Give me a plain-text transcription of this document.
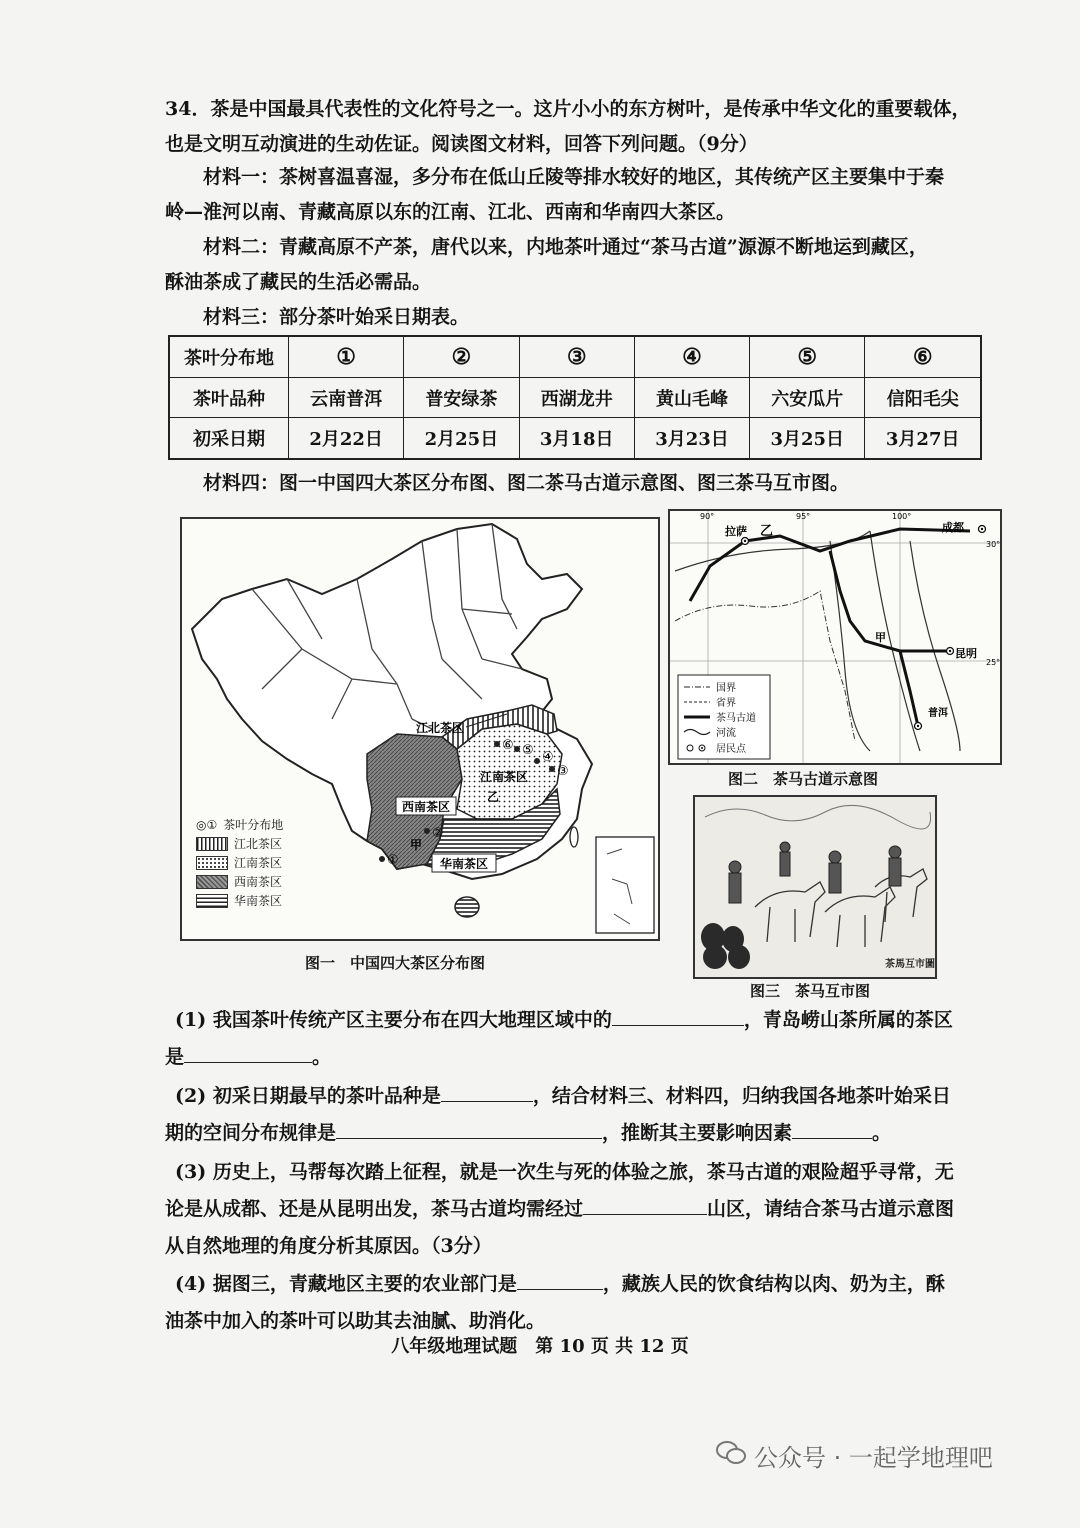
34．茶是中国最具代表性的文化符号之一。这片小小的东方树叶，是传承中华文化的重要载体，
也是文明互动演进的生动佐证。阅读图文材料，回答下列问题。（9分）
材料一：茶树喜温喜湿，多分布在低山丘陵等排水较好的地区，其传统产区主要集中于秦
岭—淮河以南、青藏高原以东的江南、江北、西南和华南四大茶区。
材料二：青藏高原不产茶，唐代以来，内地茶叶通过“茶马古道”源源不断地运到藏区，
酥油茶成了藏民的生活必需品。
材料三：部分茶叶始采日期表。
茶叶分布地	①	②	③	④	⑤	⑥
茶叶品种	云南普洱	普安绿茶	西湖龙井	黄山毛峰	六安瓜片	信阳毛尖
初采日期	2月22日	2月25日	3月18日	3月23日	3月25日	3月27日
材料四：图一中国四大茶区分布图、图二茶马古道示意图、图三茶马互市图。
西南茶区
华南茶区
江南茶区
江北茶区
甲
乙
①
②
③
④
⑤
⑥
◎① 茶叶分布地
江北茶区
江南茶区
西南茶区
华南茶区
图一　中国四大茶区分布图
90°	95°	100°
30°
25°
拉萨	成都
昆明
普洱
乙
甲
国界
省界
茶马古道
河流
居民点
图二　茶马古道示意图
茶馬互市圖
图三　茶马互市图
(1) 我国茶叶传统产区主要分布在四大地理区域中的	，青岛崂山茶所属的茶区
是	。
(2) 初采日期最早的茶叶品种是	，结合材料三、材料四，归纳我国各地茶叶始采日
期的空间分布规律是	，推断其主要影响因素	。
(3) 历史上，马帮每次踏上征程，就是一次生与死的体验之旅，茶马古道的艰险超乎寻常，无
论是从成都、还是从昆明出发，茶马古道均需经过	山区，请结合茶马古道示意图
从自然地理的角度分析其原因。（3分）
(4) 据图三，青藏地区主要的农业部门是	，藏族人民的饮食结构以肉、奶为主，酥
油茶中加入的茶叶可以助其去油腻、助消化。
八年级地理试题　第 10 页 共 12 页
公众号 · 一起学地理吧
